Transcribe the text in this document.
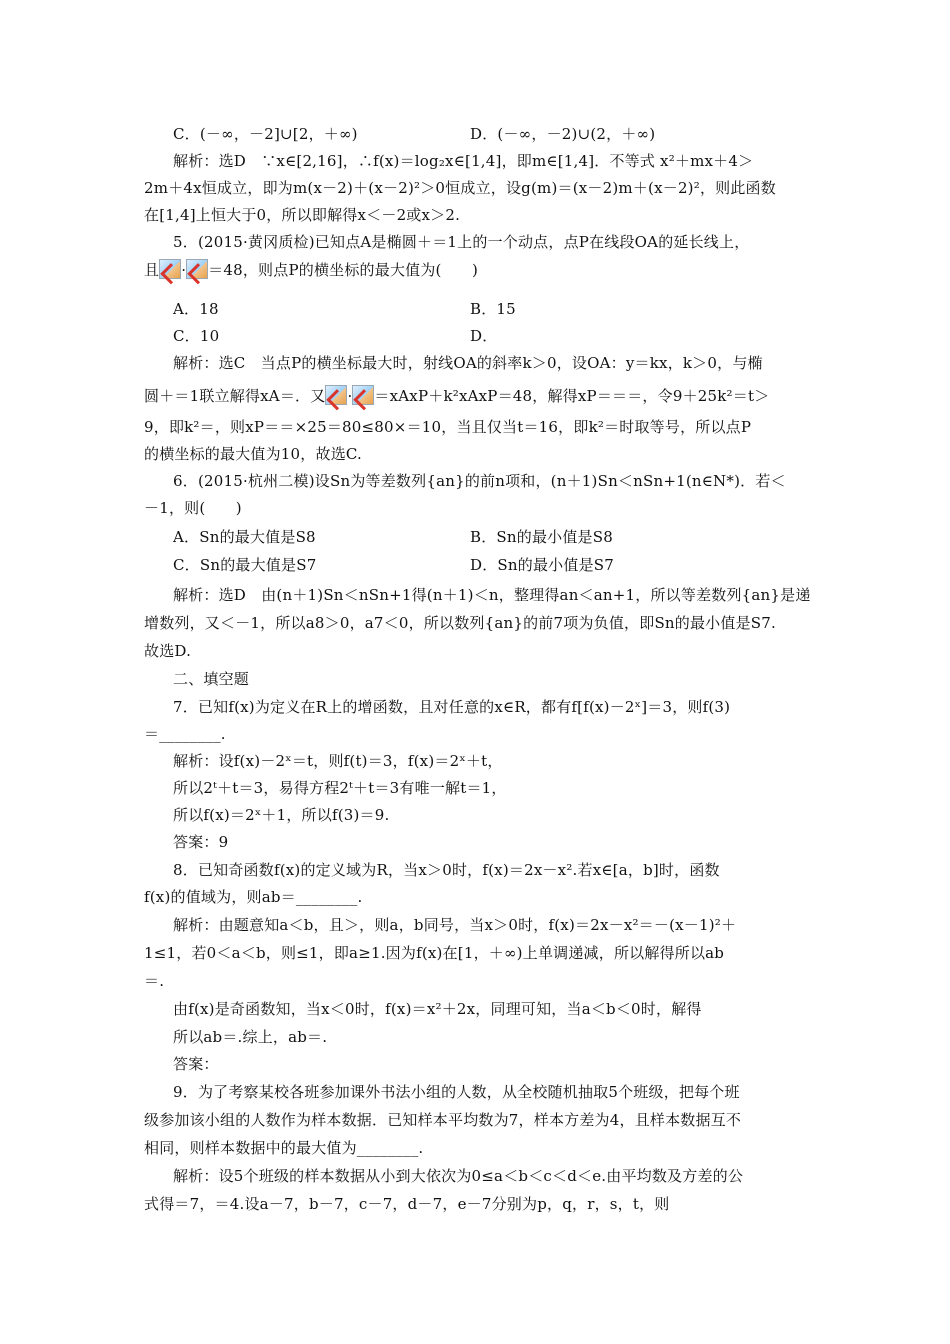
C．(－∞，－2]∪[2，＋∞)	D．(－∞，－2)∪(2，＋∞)
解析：选D　∵x∈[2,16]，∴f(x)＝log₂x∈[1,4]，即m∈[1,4]．不等式 x²＋mx＋4＞
2m＋4x恒成立，即为m(x－2)＋(x－2)²＞0恒成立，设g(m)＝(x－2)m＋(x－2)²，则此函数
在[1,4]上恒大于0，所以即解得x＜－2或x＞2.
5．(2015·黄冈质检)已知点A是椭圆＋＝1上的一个动点，点P在线段OA的延长线上，
A．18	B．15
C．10	D．
解析：选C　当点P的横坐标最大时，射线OA的斜率k＞0，设OA：y＝kx，k＞0，与椭
9，即k²＝，则xP＝＝×25＝80≤80×＝10，当且仅当t＝16，即k²＝时取等号，所以点P
的横坐标的最大值为10，故选C.
6．(2015·杭州二模)设Sn为等差数列{an}的前n项和，(n＋1)Sn＜nSn+1(n∈N*)．若＜
－1，则(　　)
A．Sn的最大值是S8	B．Sn的最小值是S8
C．Sn的最大值是S7	D．Sn的最小值是S7
解析：选D　由(n＋1)Sn＜nSn+1得(n＋1)＜n，整理得an＜an+1，所以等差数列{an}是递
增数列，又＜－1，所以a8＞0，a7＜0，所以数列{an}的前7项为负值，即Sn的最小值是S7.
故选D.
二、填空题
7．已知f(x)为定义在R上的增函数，且对任意的x∈R，都有f[f(x)－2ˣ]＝3，则f(3)
＝________.
解析：设f(x)－2ˣ＝t，则f(t)＝3，f(x)＝2ˣ＋t，
所以2ᵗ＋t＝3，易得方程2ᵗ＋t＝3有唯一解t＝1，
所以f(x)＝2ˣ＋1，所以f(3)＝9.
答案：9
8．已知奇函数f(x)的定义域为R，当x＞0时，f(x)＝2x－x².若x∈[a，b]时，函数
f(x)的值域为，则ab＝________.
解析：由题意知a＜b，且＞，则a，b同号，当x＞0时，f(x)＝2x－x²＝－(x－1)²＋
1≤1，若0＜a＜b，则≤1，即a≥1.因为f(x)在[1，＋∞)上单调递减，所以解得所以ab
＝.
由f(x)是奇函数知，当x＜0时，f(x)＝x²＋2x，同理可知，当a＜b＜0时，解得
所以ab＝.综上，ab＝.
答案：
9．为了考察某校各班参加课外书法小组的人数，从全校随机抽取5个班级，把每个班
级参加该小组的人数作为样本数据．已知样本平均数为7，样本方差为4，且样本数据互不
相同，则样本数据中的最大值为________.
解析：设5个班级的样本数据从小到大依次为0≤a＜b＜c＜d＜e.由平均数及方差的公
式得＝7，＝4.设a－7，b－7，c－7，d－7，e－7分别为p，q，r，s，t，则
且 · ＝48，则点P的横坐标的最大值为(　　)
圆＋＝1联立解得xA＝．又 · ＝xAxP＋k²xAxP＝48，解得xP＝＝＝，令9＋25k²＝t＞
